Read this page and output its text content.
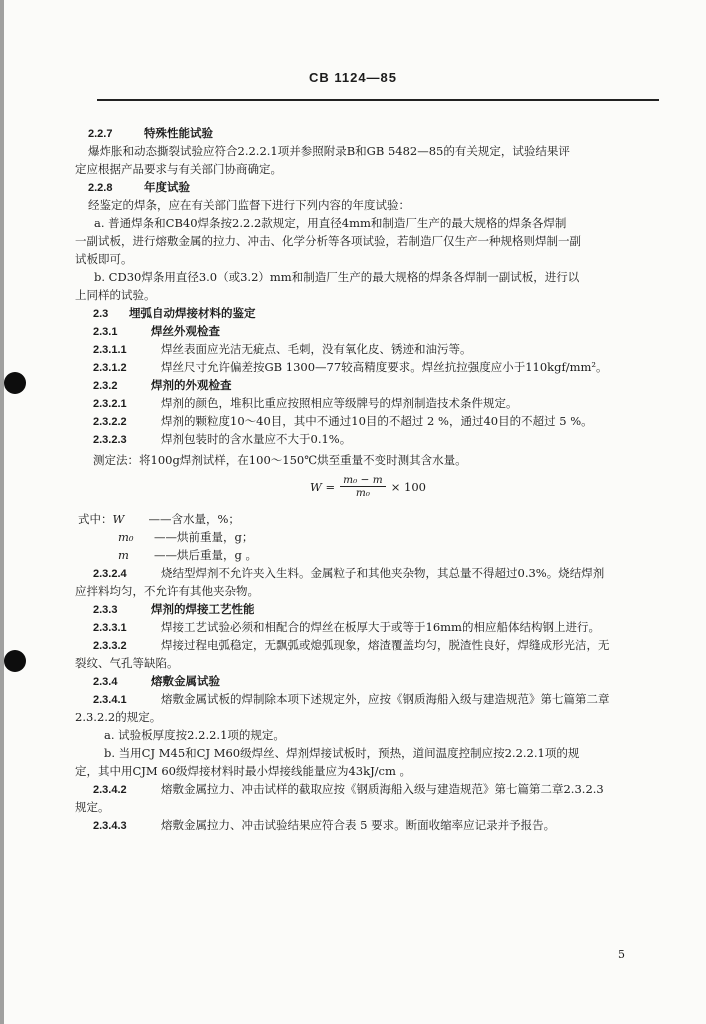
CB 1124—85
2.2.7	特殊性能试验
爆炸胀和动态撕裂试验应符合2.2.2.1项并参照附录B和GB 5482—85的有关规定，试验结果评
定应根据产品要求与有关部门协商确定。
2.2.8	年度试验
经鉴定的焊条，应在有关部门监督下进行下列内容的年度试验：
a. 普通焊条和CB40焊条按2.2.2款规定，用直径4mm和制造厂生产的最大规格的焊条各焊制
一副试板，进行熔敷金属的拉力、冲击、化学分析等各项试验，若制造厂仅生产一种规格则焊制一副
试板即可。
b. CD30焊条用直径3.0（或3.2）mm和制造厂生产的最大规格的焊条各焊制一副试板，进行以
上同样的试验。
2.3 埋弧自动焊接材料的鉴定
2.3.1	焊丝外观检查
2.3.1.1	焊丝表面应光洁无疵点、毛刺，没有氧化皮、锈迹和油污等。
2.3.1.2	焊丝尺寸允许偏差按GB 1300—77较高精度要求。焊丝抗拉强度应小于110kgf/mm²。
2.3.2	焊剂的外观检查
2.3.2.1	焊剂的颜色，堆积比重应按照相应等级牌号的焊剂制造技术条件规定。
2.3.2.2	焊剂的颗粒度10～40目，其中不通过10目的不超过 2 %，通过40目的不超过 5 %。
2.3.2.3	焊剂包装时的含水量应不大于0.1%。
测定法：将100g焊剂试样，在100～150℃烘至重量不变时测其含水量。
$W = \frac{\text{m₀ − m}}{\text{m₀}} \times 100$
式中：W ——含水量，%；
m₀ ——烘前重量，g；
m ——烘后重量，g 。
2.3.2.4	烧结型焊剂不允许夹入生料。金属粒子和其他夹杂物，其总量不得超过0.3%。烧结焊剂
应拌料均匀，不允许有其他夹杂物。
2.3.3	焊剂的焊接工艺性能
2.3.3.1	焊接工艺试验必须和相配合的焊丝在板厚大于或等于16mm的相应船体结构钢上进行。
2.3.3.2	焊接过程电弧稳定，无飘弧或熄弧现象，熔渣覆盖均匀，脱渣性良好，焊缝成形光洁，无
裂纹、气孔等缺陷。
2.3.4	熔敷金属试验
2.3.4.1	熔敷金属试板的焊制除本项下述规定外，应按《钢质海船入级与建造规范》第七篇第二章
2.3.2.2的规定。
a. 试验板厚度按2.2.2.1项的规定。
b. 当用CJ M45和CJ M60级焊丝、焊剂焊接试板时，预热，道间温度控制应按2.2.2.1项的规
定，其中用CJM 60级焊接材料时最小焊接线能量应为43kJ/cm 。
2.3.4.2	熔敷金属拉力、冲击试样的截取应按《钢质海船入级与建造规范》第七篇第二章2.3.2.3
规定。
2.3.4.3	熔敷金属拉力、冲击试验结果应符合表 5 要求。断面收缩率应记录并予报告。
5
